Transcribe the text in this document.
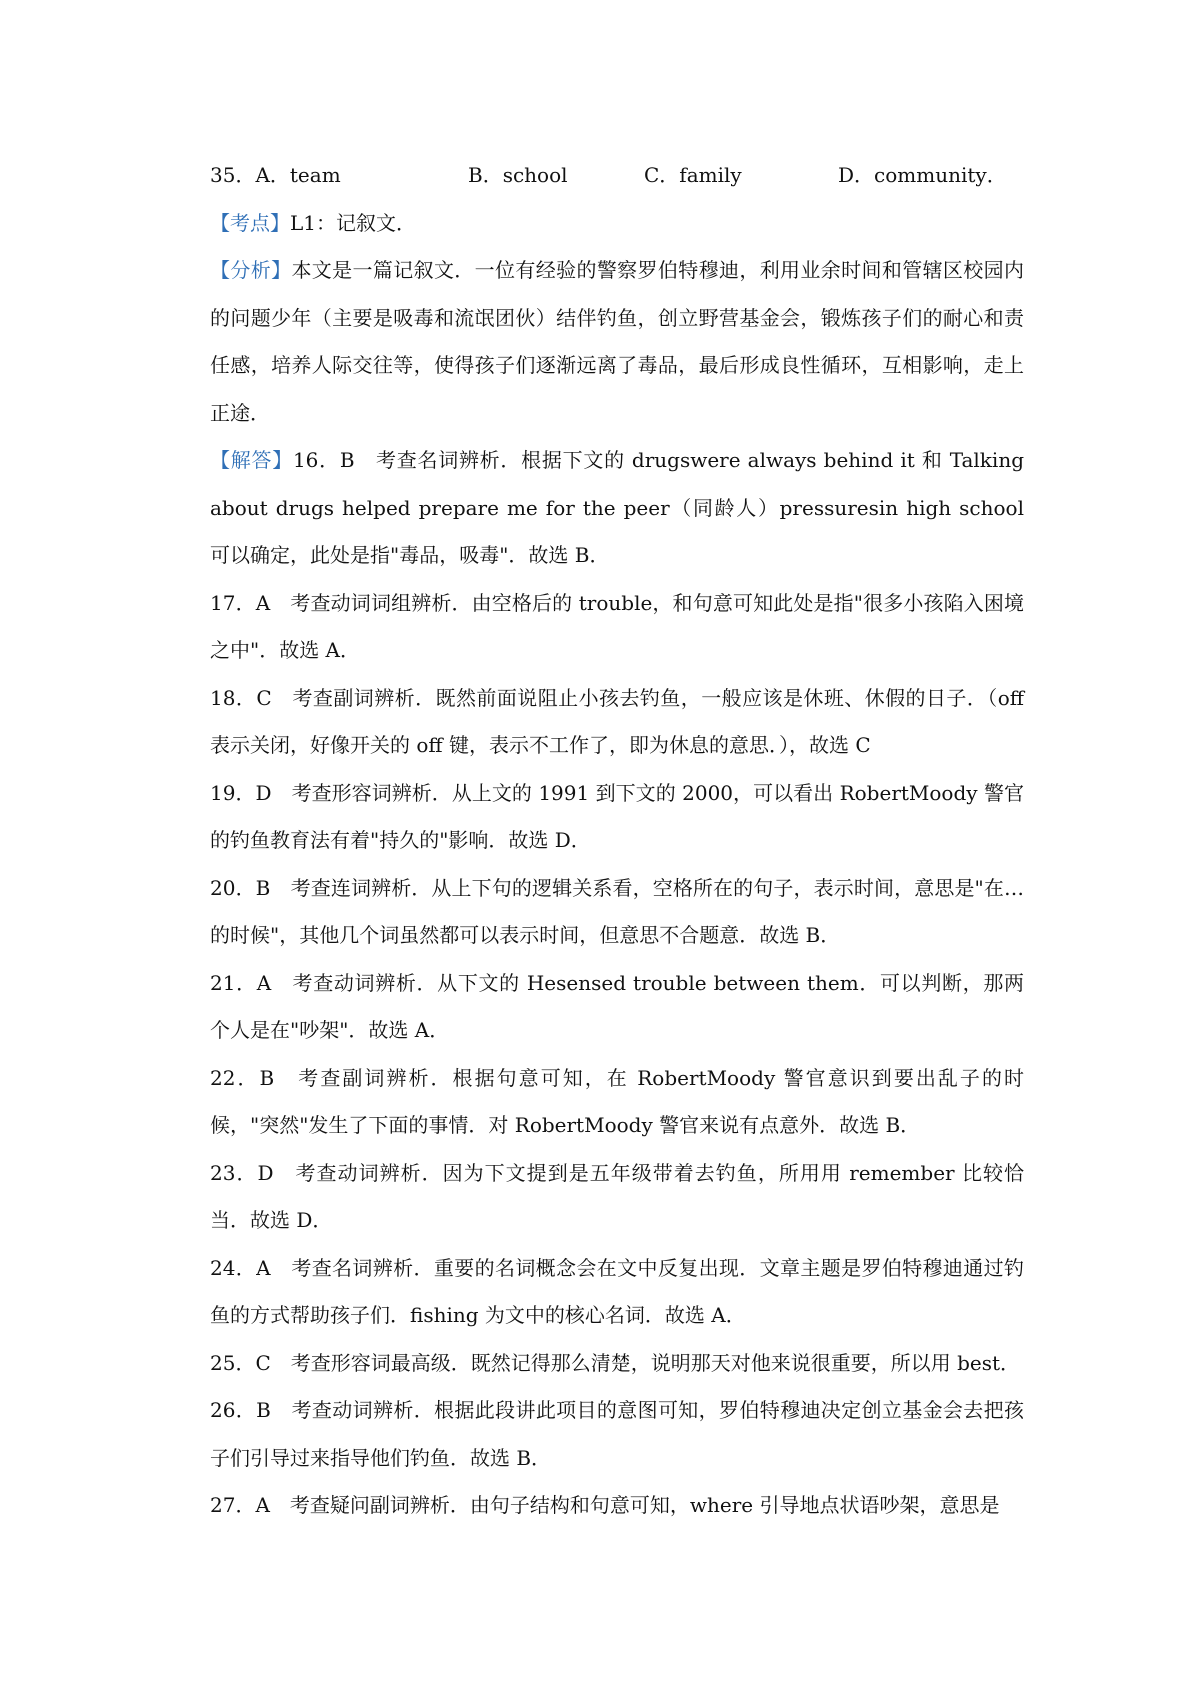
35．A．team	B．school	C．family	D．community．

【考点】L1：记叙文．

【分析】本文是一篇记叙文．一位有经验的警察罗伯特穆迪，利用业余时间和管辖区校园内的问题少年（主要是吸毒和流氓团伙）结伴钓鱼，创立野营基金会，锻炼孩子们的耐心和责任感，培养人际交往等，使得孩子们逐渐远离了毒品，最后形成良性循环，互相影响，走上正途．

【解答】16．B　考查名词辨析．根据下文的 drugswere always behind it 和 Talking about drugs helped prepare me for the peer（同龄人）pressuresin high school 可以确定，此处是指"毒品，吸毒"．故选 B．

17．A　考查动词词组辨析．由空格后的 trouble，和句意可知此处是指"很多小孩陷入困境之中"．故选 A．

18．C　考查副词辨析．既然前面说阻止小孩去钓鱼，一般应该是休班、休假的日子．（off 表示关闭，好像开关的 off 键，表示不工作了，即为休息的意思．），故选 C

19．D　考查形容词辨析．从上文的 1991 到下文的 2000，可以看出 RobertMoody 警官的钓鱼教育法有着"持久的"影响．故选 D．

20．B　考查连词辨析．从上下句的逻辑关系看，空格所在的句子，表示时间，意思是"在…的时候"，其他几个词虽然都可以表示时间，但意思不合题意．故选 B．

21．A　考查动词辨析．从下文的 Hesensed trouble between them．可以判断，那两个人是在"吵架"．故选 A．

22．B　考查副词辨析．根据句意可知，在 RobertMoody 警官意识到要出乱子的时候，"突然"发生了下面的事情．对 RobertMoody 警官来说有点意外．故选 B．

23．D　考查动词辨析．因为下文提到是五年级带着去钓鱼，所用用 remember 比较恰当．故选 D．

24．A　考查名词辨析．重要的名词概念会在文中反复出现．文章主题是罗伯特穆迪通过钓鱼的方式帮助孩子们．fishing 为文中的核心名词．故选 A．

25．C　考查形容词最高级．既然记得那么清楚，说明那天对他来说很重要，所以用 best．

26．B　考查动词辨析．根据此段讲此项目的意图可知，罗伯特穆迪决定创立基金会去把孩子们引导过来指导他们钓鱼．故选 B．

27．A　考查疑问副词辨析．由句子结构和句意可知，where 引导地点状语吵架，意思是
